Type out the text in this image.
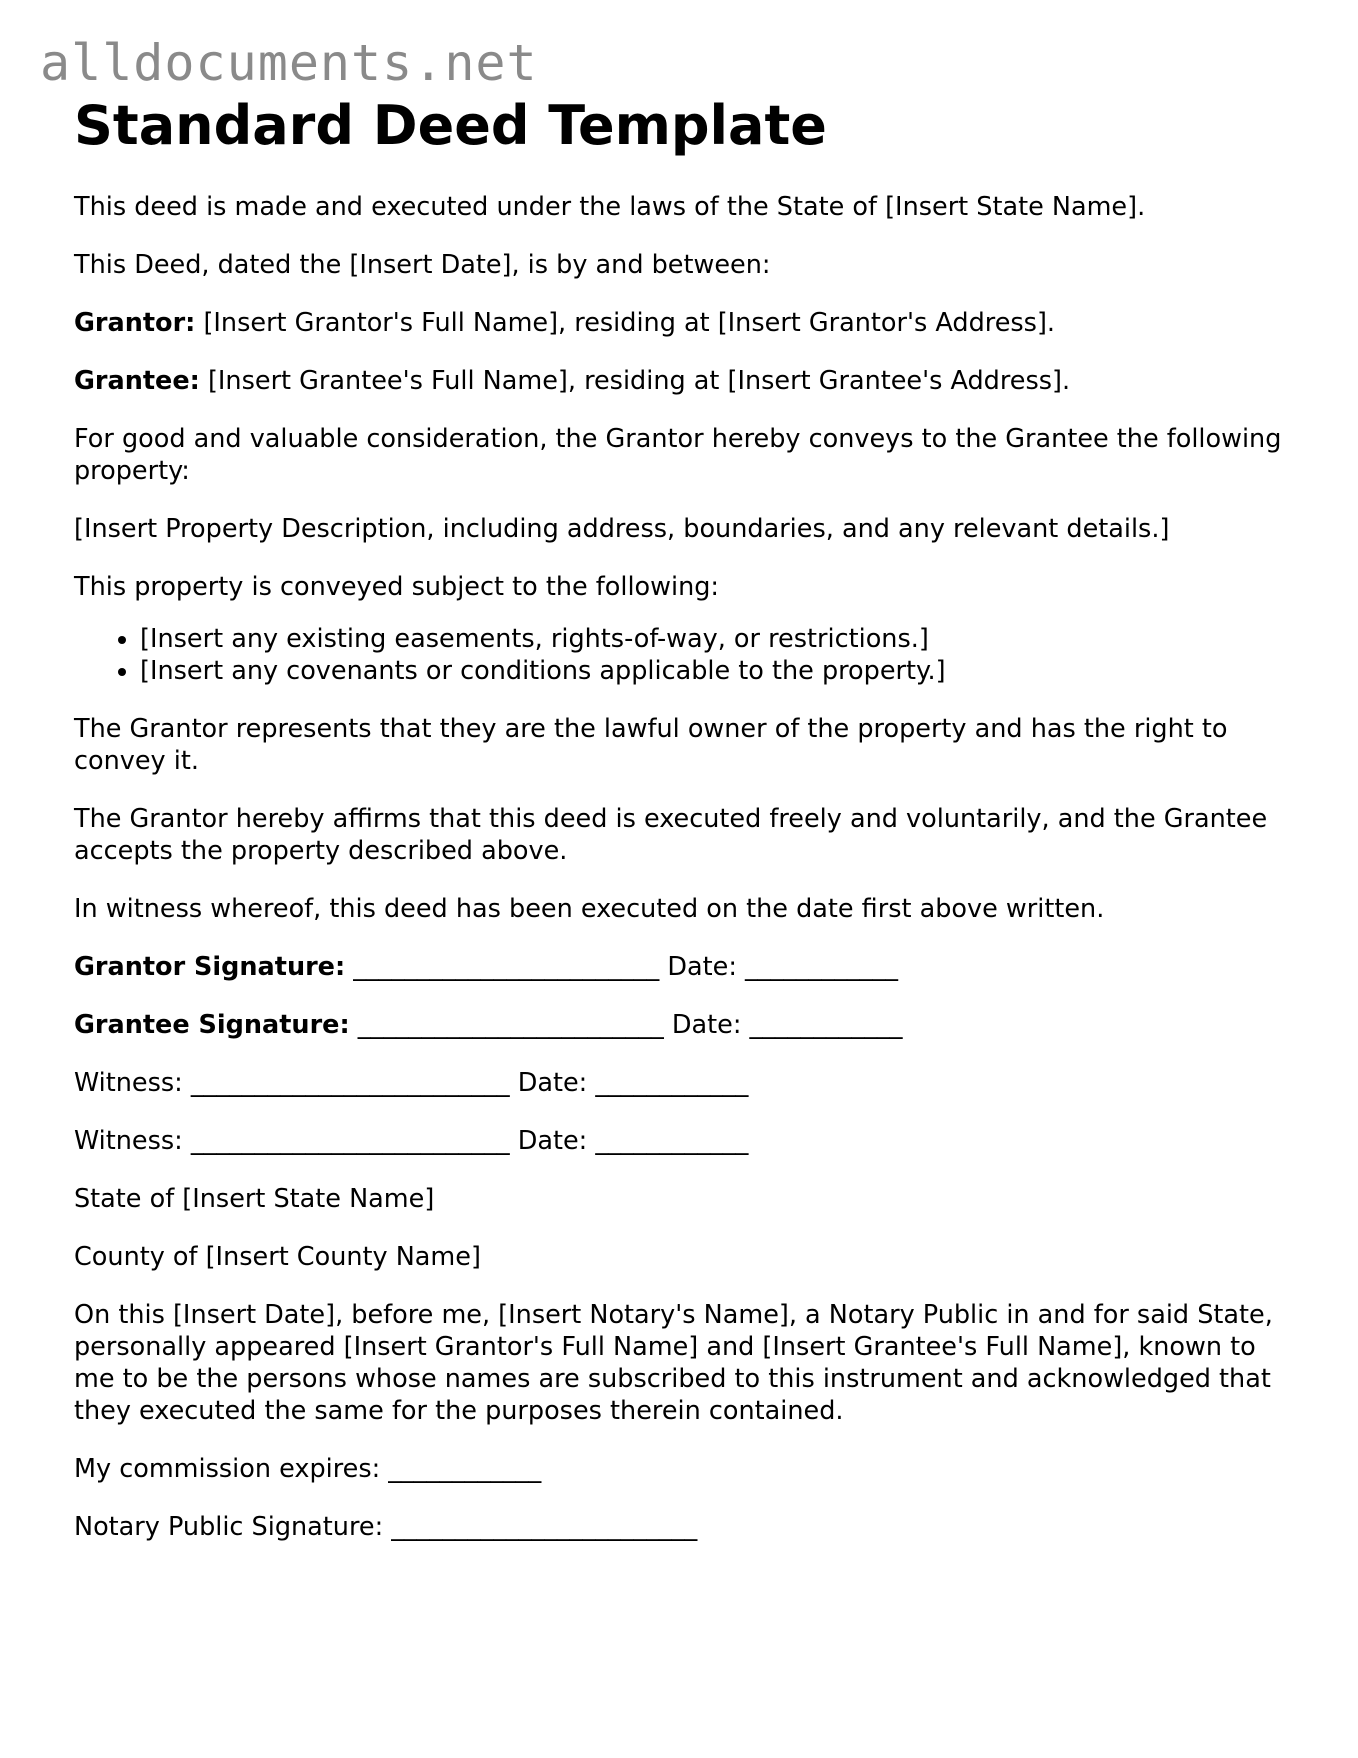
alldocuments.net
Standard Deed Template

This deed is made and executed under the laws of the State of [Insert State Name].

This Deed, dated the [Insert Date], is by and between:

Grantor: [Insert Grantor's Full Name], residing at [Insert Grantor's Address].

Grantee: [Insert Grantee's Full Name], residing at [Insert Grantee's Address].

For good and valuable consideration, the Grantor hereby conveys to the Grantee the following property:

[Insert Property Description, including address, boundaries, and any relevant details.]

This property is conveyed subject to the following:

• [Insert any existing easements, rights-of-way, or restrictions.]
• [Insert any covenants or conditions applicable to the property.]

The Grantor represents that they are the lawful owner of the property and has the right to convey it.

The Grantor hereby affirms that this deed is executed freely and voluntarily, and the Grantee accepts the property described above.

In witness whereof, this deed has been executed on the date first above written.

Grantor Signature: ________________________ Date: ____________

Grantee Signature: ________________________ Date: ____________

Witness: _________________________ Date: ____________

Witness: _________________________ Date: ____________

State of [Insert State Name]

County of [Insert County Name]

On this [Insert Date], before me, [Insert Notary's Name], a Notary Public in and for said State, personally appeared [Insert Grantor's Full Name] and [Insert Grantee's Full Name], known to me to be the persons whose names are subscribed to this instrument and acknowledged that they executed the same for the purposes therein contained.

My commission expires: ____________

Notary Public Signature: ________________________
